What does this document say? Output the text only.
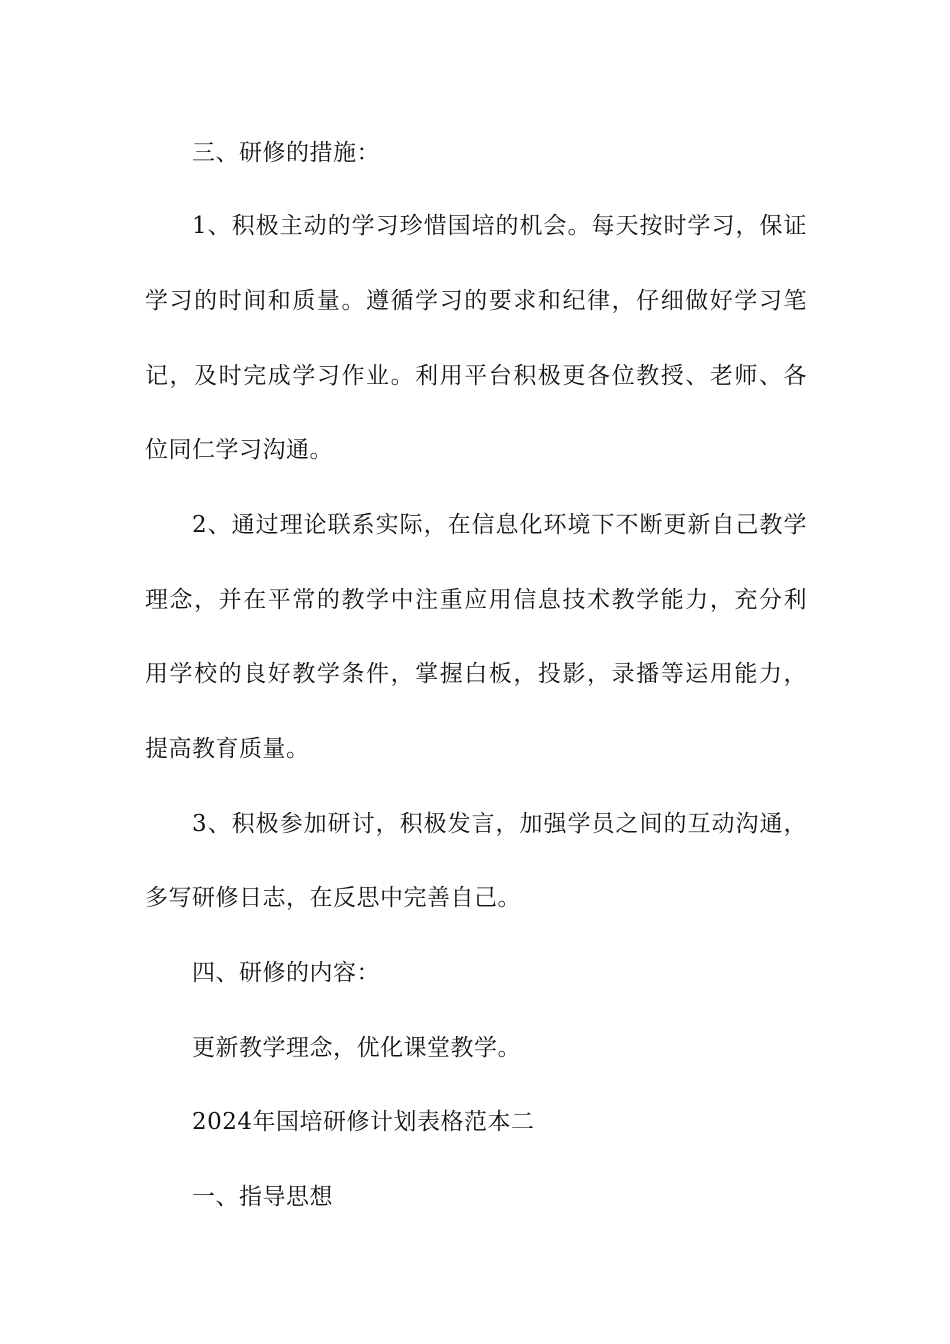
三、研修的措施：
1、积极主动的学习珍惜国培的机会。每天按时学习，保证
学习的时间和质量。遵循学习的要求和纪律，仔细做好学习笔
记，及时完成学习作业。利用平台积极更各位教授、老师、各
位同仁学习沟通。
2、通过理论联系实际，在信息化环境下不断更新自己教学
理念，并在平常的教学中注重应用信息技术教学能力，充分利
用学校的良好教学条件，掌握白板，投影，录播等运用能力，
提高教育质量。
3、积极参加研讨，积极发言，加强学员之间的互动沟通，
多写研修日志，在反思中完善自己。
四、研修的内容：
更新教学理念，优化课堂教学。
2024年国培研修计划表格范本二
一、指导思想
